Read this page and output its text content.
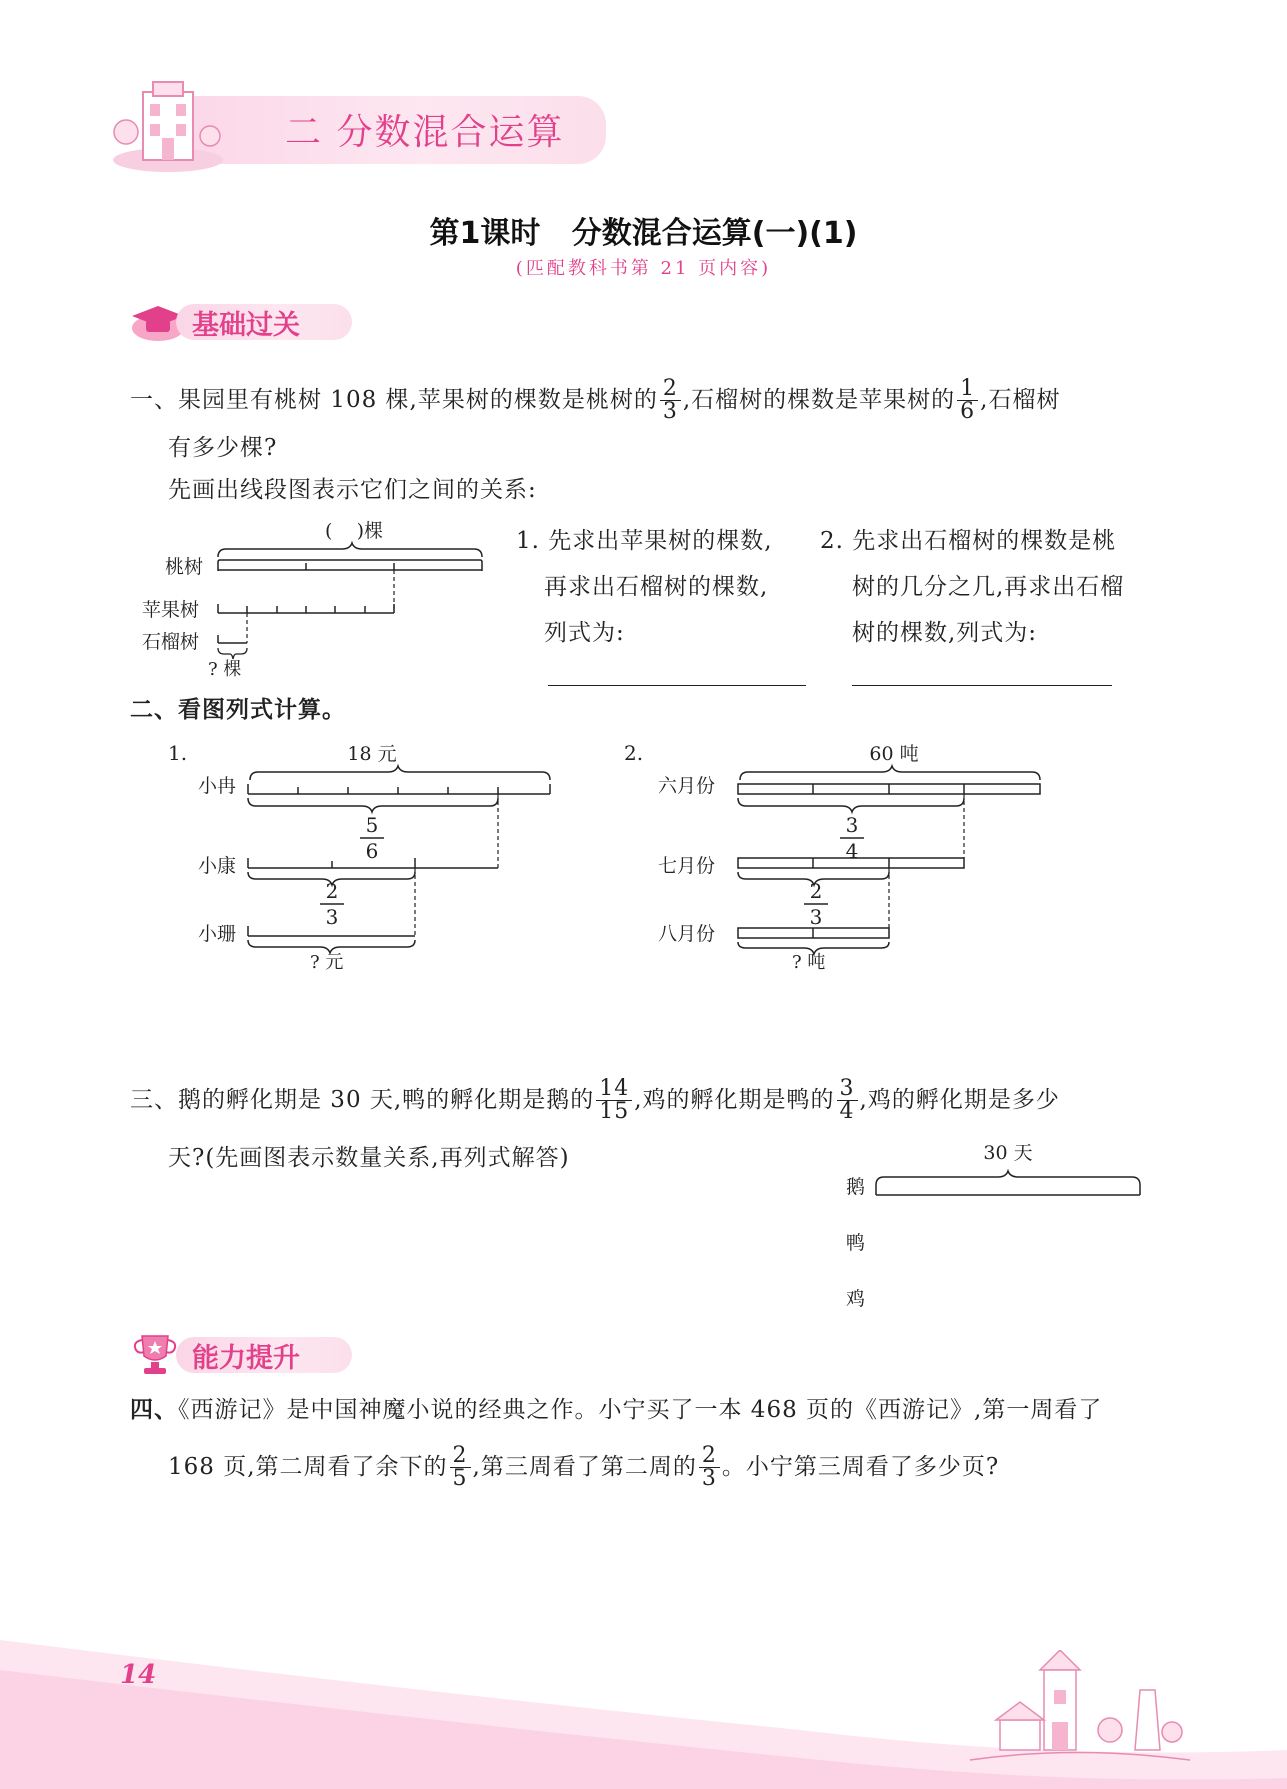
二 分数混合运算
第1课时   分数混合运算(一)(1)
(匹配教科书第 21 页内容)
基础过关
一、 果园里有桃树 108 棵,苹果树的棵数是桃树的 $\frac{2}{3}$ ,石榴树的棵数是苹果树的 $\frac{1}{6}$ ,石榴树
有多少棵?
先画出线段图表示它们之间的关系:
(    )棵
桃树
苹果树
石榴树
? 棵
1. 先求出苹果树的棵数,
再求出石榴树的棵数,
列式为:
2. 先求出石榴树的棵数是桃
树的几分之几,再求出石榴
树的棵数,列式为:
二、看图列式计算。
1.	18 元
小冉
5
6
小康
2
3
小珊
? 元
2.	60 吨
六月份
3
4
七月份
2
3
八月份
? 吨
三、 鹅的孵化期是 30 天,鸭的孵化期是鹅的 $\frac{14}{15}$ ,鸡的孵化期是鸭的 $\frac{3}{4}$ ,鸡的孵化期是多少
天?(先画图表示数量关系,再列式解答)	30 天
鹅
鸭
鸡
能力提升
四、《西游记》是中国神魔小说的经典之作。小宁买了一本 468 页的《西游记》,第一周看了
168 页,第二周看了余下的 $\frac{2}{5}$ ,第三周看了第二周的 $\frac{2}{3}$ 。小宁第三周看了多少页?
14
